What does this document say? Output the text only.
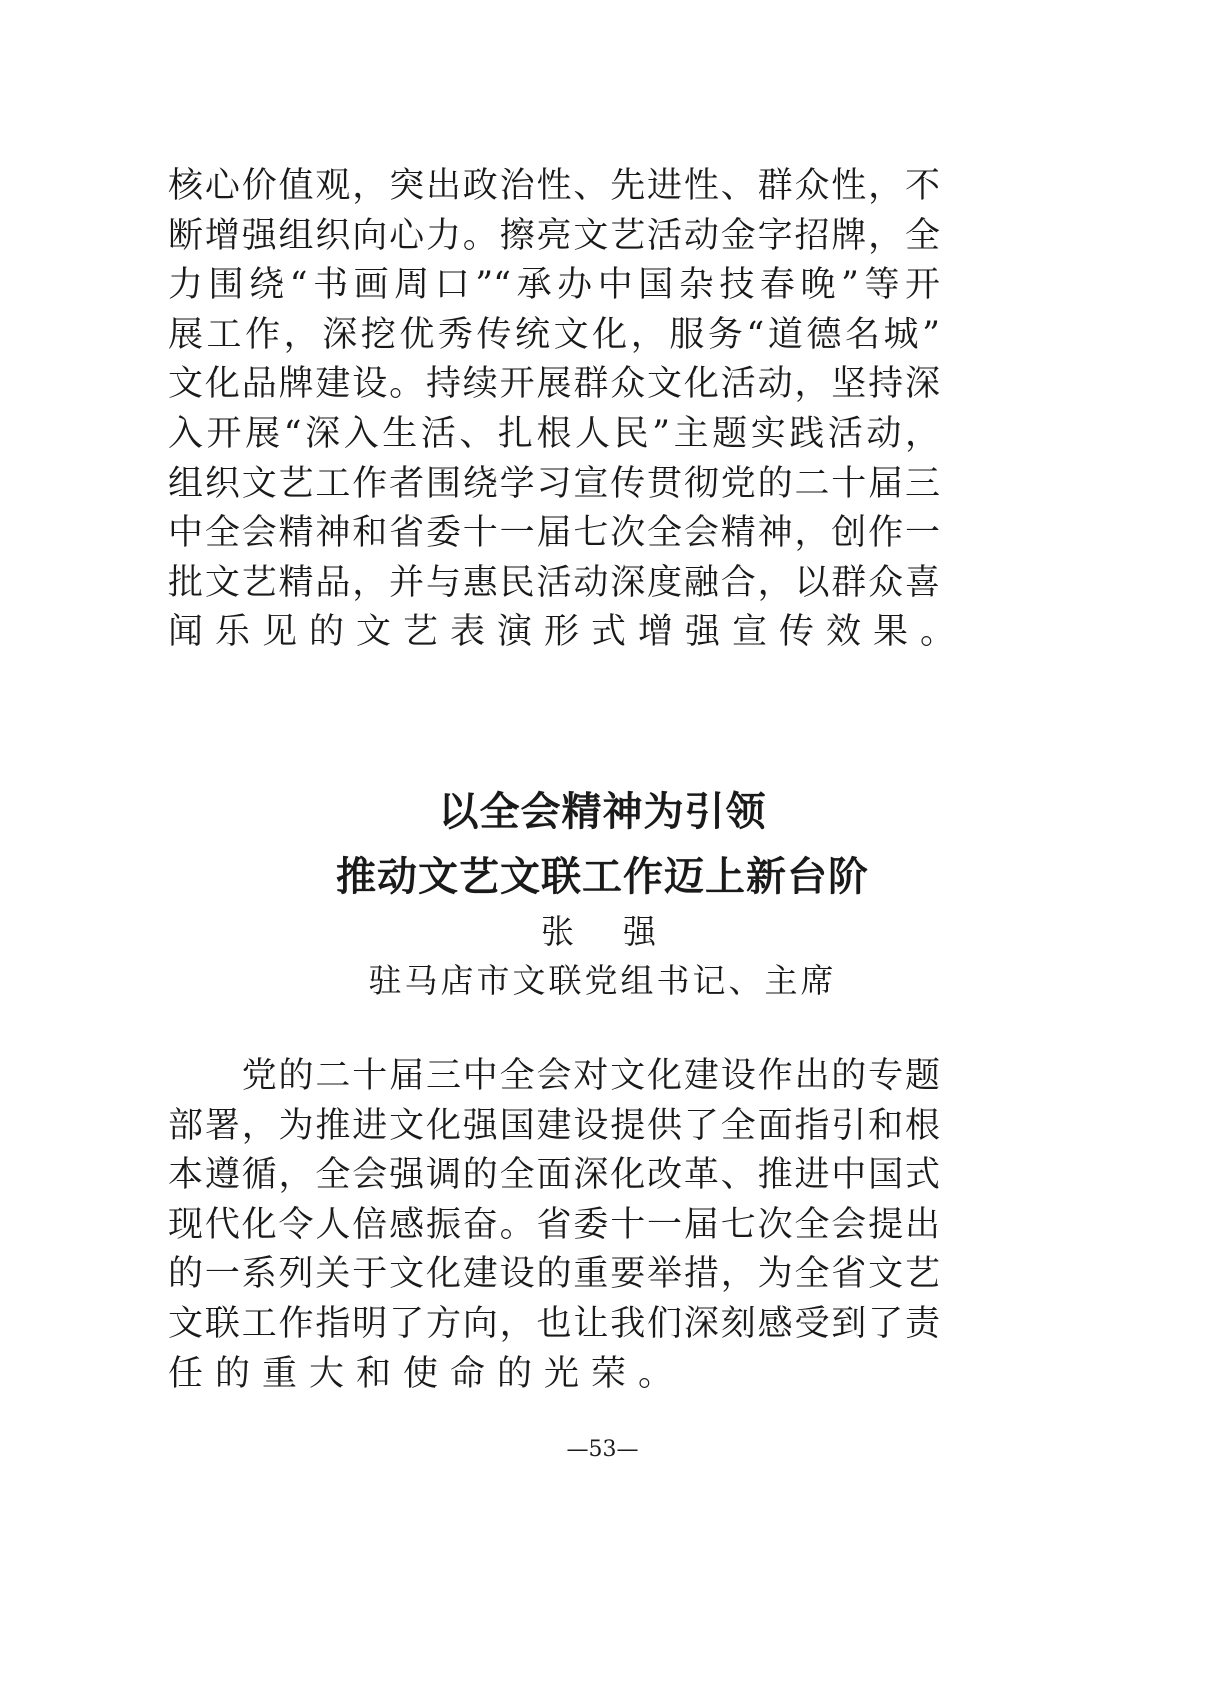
核心价值观，突出政治性、先进性、群众性，不
断增强组织向心力。擦亮文艺活动金字招牌，全
力围绕“书画周口”“承办中国杂技春晚”等开
展工作，深挖优秀传统文化，服务“道德名城”
文化品牌建设。持续开展群众文化活动，坚持深
入开展“深入生活、扎根人民”主题实践活动，
组织文艺工作者围绕学习宣传贯彻党的二十届三
中全会精神和省委十一届七次全会精神，创作一
批文艺精品，并与惠民活动深度融合，以群众喜
闻乐见的文艺表演形式增强宣传效果。
以全会精神为引领
推动文艺文联工作迈上新台阶
张　强
驻马店市文联党组书记、主席
　　党的二十届三中全会对文化建设作出的专题
部署，为推进文化强国建设提供了全面指引和根
本遵循，全会强调的全面深化改革、推进中国式
现代化令人倍感振奋。省委十一届七次全会提出
的一系列关于文化建设的重要举措，为全省文艺
文联工作指明了方向，也让我们深刻感受到了责
任的重大和使命的光荣。
—53—
